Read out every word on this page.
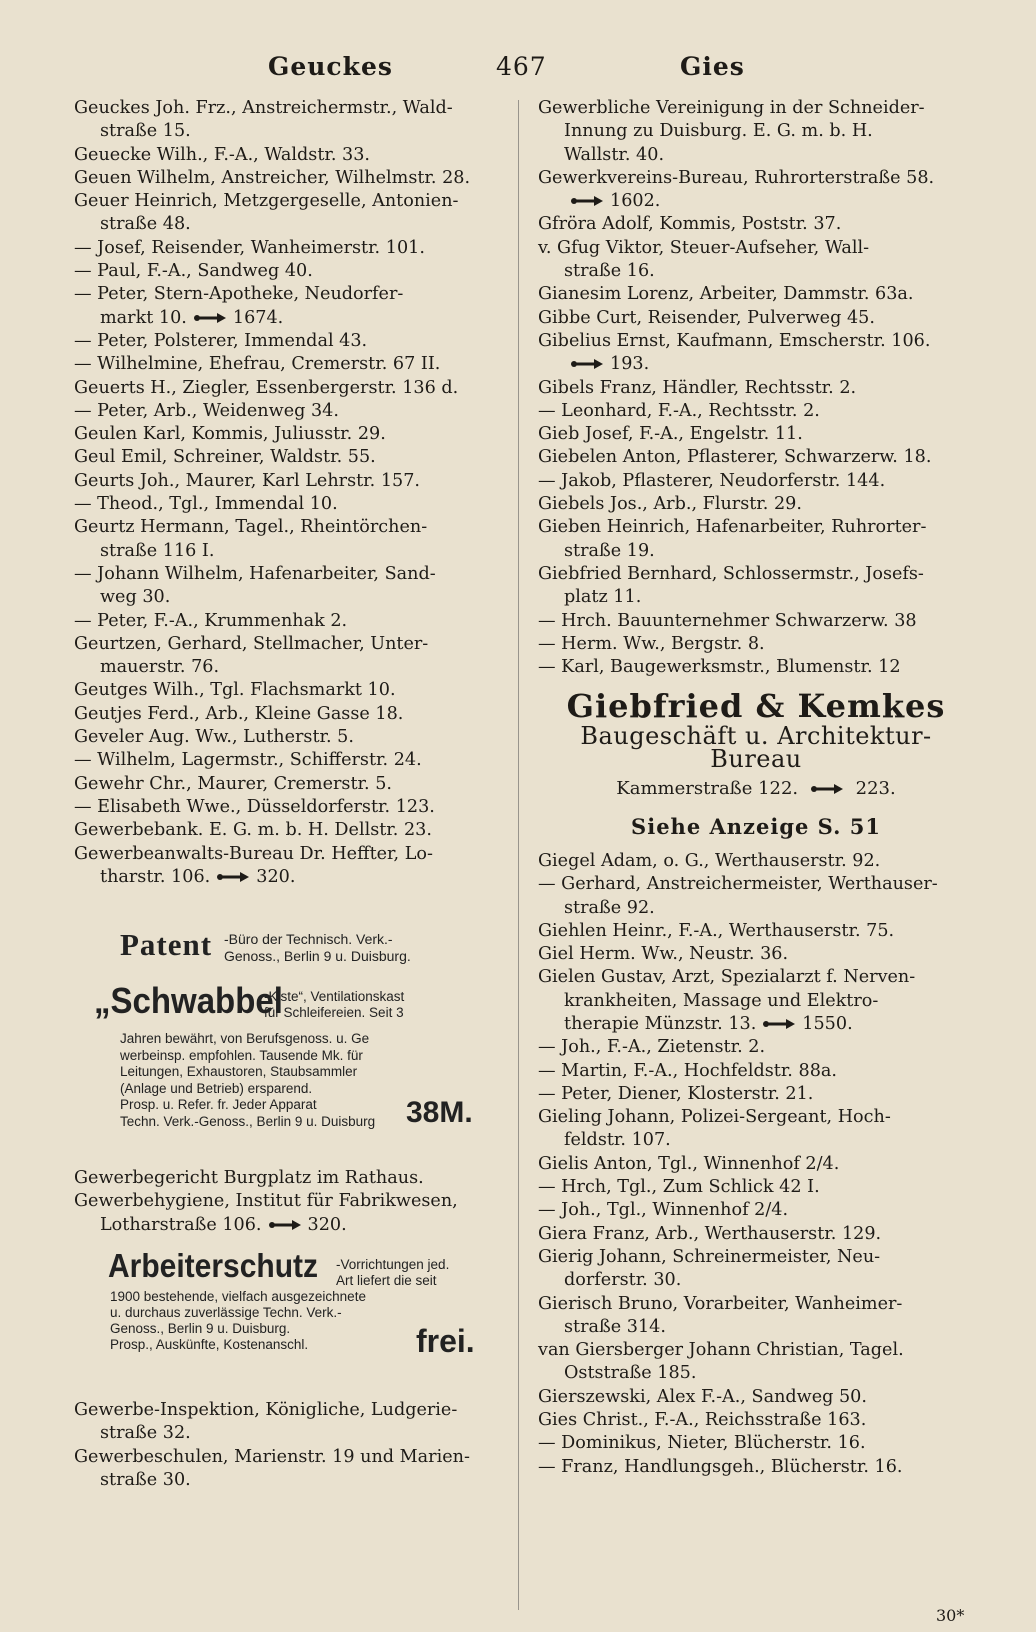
Geuckes	467	Gies
Geuckes Joh. Frz., Anstreichermstr., Wald-
straße 15.
Geuecke Wilh., F.-A., Waldstr. 33.
Geuen Wilhelm, Anstreicher, Wilhelmstr. 28.
Geuer Heinrich, Metzgergeselle, Antonien-
straße 48.
— Josef, Reisender, Wanheimerstr. 101.
— Paul, F.-A., Sandweg 40.
— Peter, Stern-Apotheke, Neudorfer-
markt 10.	1674.
— Peter, Polsterer, Immendal 43.
— Wilhelmine, Ehefrau, Cremerstr. 67 II.
Geuerts H., Ziegler, Essenbergerstr. 136 d.
— Peter, Arb., Weidenweg 34.
Geulen Karl, Kommis, Juliusstr. 29.
Geul Emil, Schreiner, Waldstr. 55.
Geurts Joh., Maurer, Karl Lehrstr. 157.
— Theod., Tgl., Immendal 10.
Geurtz Hermann, Tagel., Rheintörchen-
straße 116 I.
— Johann Wilhelm, Hafenarbeiter, Sand-
weg 30.
— Peter, F.-A., Krummenhak 2.
Geurtzen, Gerhard, Stellmacher, Unter-
mauerstr. 76.
Geutges Wilh., Tgl. Flachsmarkt 10.
Geutjes Ferd., Arb., Kleine Gasse 18.
Geveler Aug. Ww., Lutherstr. 5.
— Wilhelm, Lagermstr., Schifferstr. 24.
Gewehr Chr., Maurer, Cremerstr. 5.
— Elisabeth Wwe., Düsseldorferstr. 123.
Gewerbebank. E. G. m. b. H. Dellstr. 23.
Gewerbeanwalts-Bureau Dr. Heffter, Lo-
tharstr. 106.	320.
Patent -Büro der Technisch. Verk.-
Genoss., Berlin 9 u. Duisburg.
„Schwabbel
-Kiste“, Ventilationskast
für Schleifereien. Seit 3
Jahren bewährt, von Berufsgenoss. u. Ge
werbeinsp. empfohlen. Tausende Mk. für
Leitungen, Exhaustoren, Staubsammler
(Anlage und Betrieb) ersparend.
Prosp. u. Refer. fr. Jeder Apparat
Techn. Verk.-Genoss., Berlin 9 u. Duisburg	38M.
Gewerbegericht Burgplatz im Rathaus.
Gewerbehygiene, Institut für Fabrikwesen,
Lotharstraße 106.	320.
Arbeiterschutz -Vorrichtungen jed.
Art liefert die seit
1900 bestehende, vielfach ausgezeichnete
u. durchaus zuverlässige Techn. Verk.-
Genoss., Berlin 9 u. Duisburg.
Prosp., Auskünfte, Kostenanschl.	frei.
Gewerbe-Inspektion, Königliche, Ludgerie-
straße 32.
Gewerbeschulen, Marienstr. 19 und Marien-
straße 30.
Gewerbliche Vereinigung in der Schneider-
Innung zu Duisburg. E. G. m. b. H.
Wallstr. 40.
Gewerkvereins-Bureau, Ruhrorterstraße 58.
1602.
Gfröra Adolf, Kommis, Poststr. 37.
v. Gfug Viktor, Steuer-Aufseher, Wall-
straße 16.
Gianesim Lorenz, Arbeiter, Dammstr. 63a.
Gibbe Curt, Reisender, Pulverweg 45.
Gibelius Ernst, Kaufmann, Emscherstr. 106.
193.
Gibels Franz, Händler, Rechtsstr. 2.
— Leonhard, F.-A., Rechtsstr. 2.
Gieb Josef, F.-A., Engelstr. 11.
Giebelen Anton, Pflasterer, Schwarzerw. 18.
— Jakob, Pflasterer, Neudorferstr. 144.
Giebels Jos., Arb., Flurstr. 29.
Gieben Heinrich, Hafenarbeiter, Ruhrorter-
straße 19.
Giebfried Bernhard, Schlossermstr., Josefs-
platz 11.
— Hrch. Bauunternehmer Schwarzerw. 38
— Herm. Ww., Bergstr. 8.
— Karl, Baugewerksmstr., Blumenstr. 12
Giebfried & Kemkes
Baugeschäft u. Architektur-Bureau
Kammerstraße 122.	223.
Siehe Anzeige S. 51
Giegel Adam, o. G., Werthauserstr. 92.
— Gerhard, Anstreichermeister, Werthauser-
straße 92.
Giehlen Heinr., F.-A., Werthauserstr. 75.
Giel Herm. Ww., Neustr. 36.
Gielen Gustav, Arzt, Spezialarzt f. Nerven-
krankheiten, Massage und Elektro-
therapie Münzstr. 13.	1550.
— Joh., F.-A., Zietenstr. 2.
— Martin, F.-A., Hochfeldstr. 88a.
— Peter, Diener, Klosterstr. 21.
Gieling Johann, Polizei-Sergeant, Hoch-
feldstr. 107.
Gielis Anton, Tgl., Winnenhof 2/4.
— Hrch, Tgl., Zum Schlick 42 I.
— Joh., Tgl., Winnenhof 2/4.
Giera Franz, Arb., Werthauserstr. 129.
Gierig Johann, Schreinermeister, Neu-
dorferstr. 30.
Gierisch Bruno, Vorarbeiter, Wanheimer-
straße 314.
van Giersberger Johann Christian, Tagel.
Oststraße 185.
Gierszewski, Alex F.-A., Sandweg 50.
Gies Christ., F.-A., Reichsstraße 163.
— Dominikus, Nieter, Blücherstr. 16.
— Franz, Handlungsgeh., Blücherstr. 16.
30*
